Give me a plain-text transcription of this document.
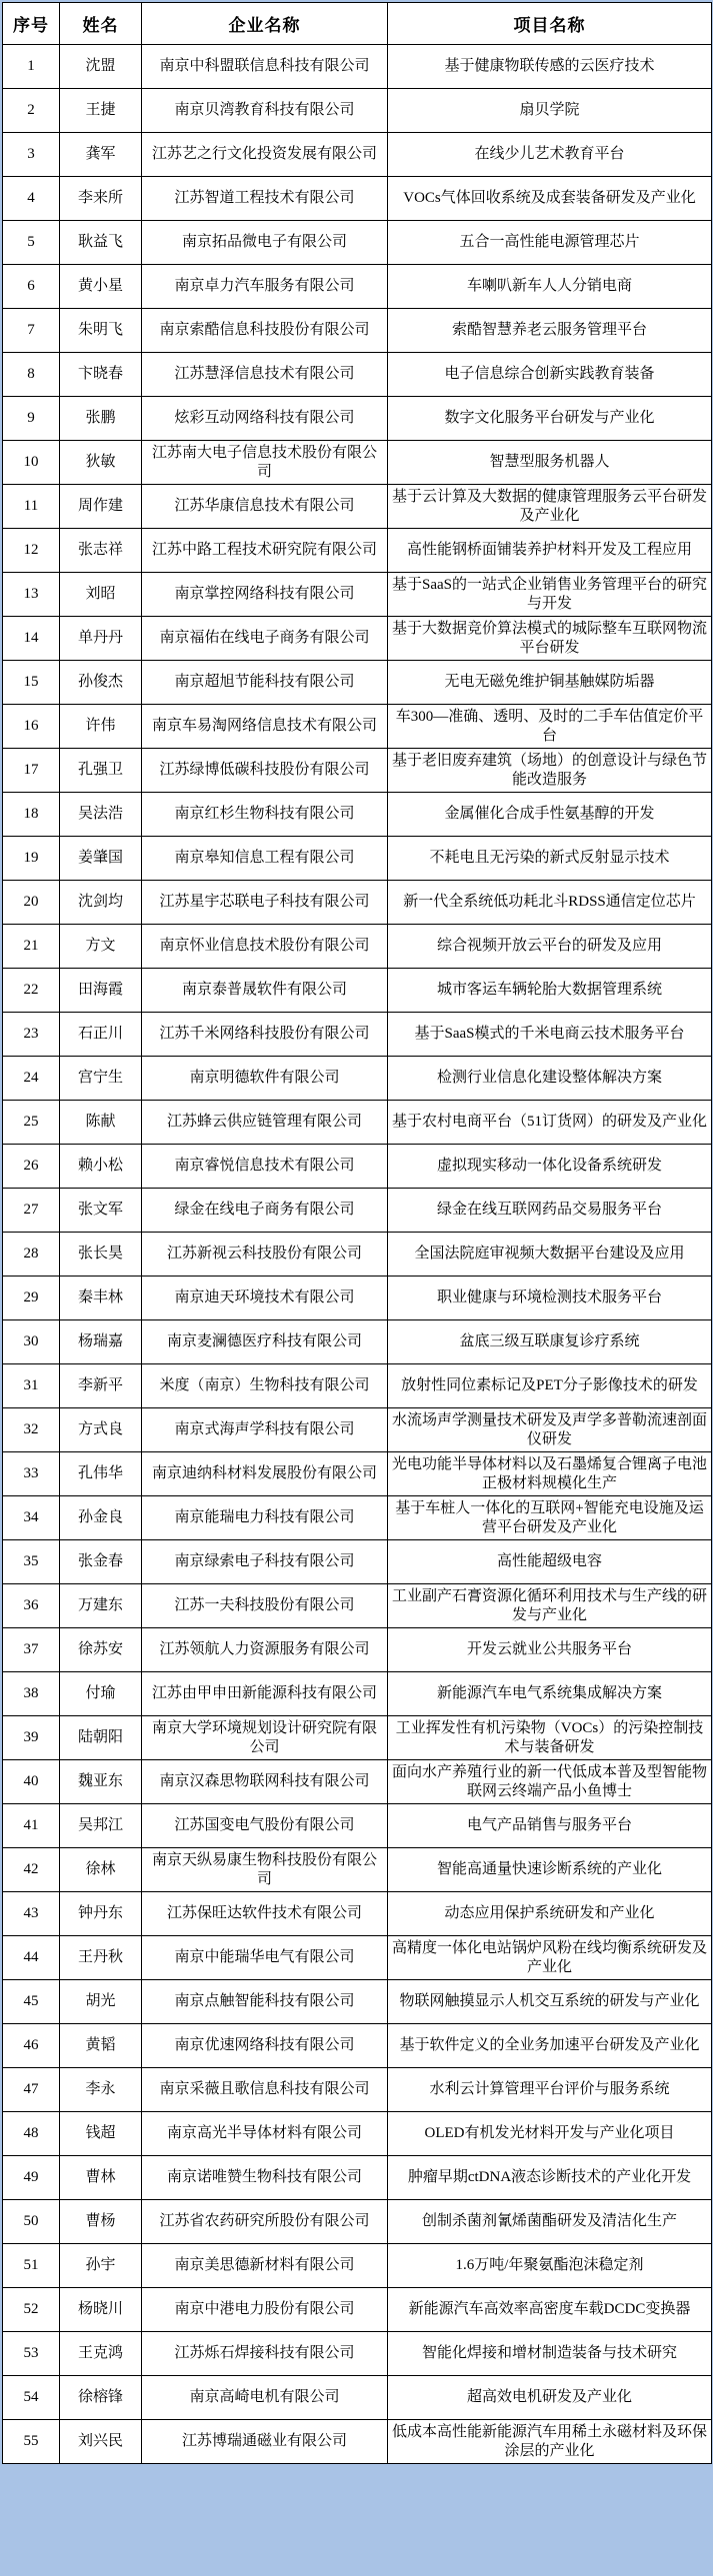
序号	姓名	企业名称	项目名称
1	沈盟	南京中科盟联信息科技有限公司	基于健康物联传感的云医疗技术
2	王捷	南京贝湾教育科技有限公司	扇贝学院
3	龚军	江苏艺之行文化投资发展有限公司	在线少儿艺术教育平台
4	李来所	江苏智道工程技术有限公司	VOCs气体回收系统及成套装备研发及产业化
5	耿益飞	南京拓品微电子有限公司	五合一高性能电源管理芯片
6	黄小星	南京卓力汽车服务有限公司	车喇叭新车人人分销电商
7	朱明飞	南京索酷信息科技股份有限公司	索酷智慧养老云服务管理平台
8	卞晓春	江苏慧泽信息技术有限公司	电子信息综合创新实践教育装备
9	张鹏	炫彩互动网络科技有限公司	数字文化服务平台研发与产业化
10	狄敏	江苏南大电子信息技术股份有限公司	智慧型服务机器人
11	周作建	江苏华康信息技术有限公司	基于云计算及大数据的健康管理服务云平台研发及产业化
12	张志祥	江苏中路工程技术研究院有限公司	高性能钢桥面铺装养护材料开发及工程应用
13	刘昭	南京掌控网络科技有限公司	基于SaaS的一站式企业销售业务管理平台的研究与开发
14	单丹丹	南京福佑在线电子商务有限公司	基于大数据竞价算法模式的城际整车互联网物流平台研发
15	孙俊杰	南京超旭节能科技有限公司	无电无磁免维护铜基触媒防垢器
16	许伟	南京车易淘网络信息技术有限公司	车300—准确、透明、及时的二手车估值定价平台
17	孔强卫	江苏绿博低碳科技股份有限公司	基于老旧废弃建筑（场地）的创意设计与绿色节能改造服务
18	吴法浩	南京红杉生物科技有限公司	金属催化合成手性氨基醇的开发
19	姜肇国	南京皋知信息工程有限公司	不耗电且无污染的新式反射显示技术
20	沈剑均	江苏星宇芯联电子科技有限公司	新一代全系统低功耗北斗RDSS通信定位芯片
21	方文	南京怀业信息技术股份有限公司	综合视频开放云平台的研发及应用
22	田海霞	南京泰普晟软件有限公司	城市客运车辆轮胎大数据管理系统
23	石正川	江苏千米网络科技股份有限公司	基于SaaS模式的千米电商云技术服务平台
24	宫宁生	南京明德软件有限公司	检测行业信息化建设整体解决方案
25	陈献	江苏蜂云供应链管理有限公司	基于农村电商平台（51订货网）的研发及产业化
26	赖小松	南京睿悦信息技术有限公司	虚拟现实移动一体化设备系统研发
27	张文军	绿金在线电子商务有限公司	绿金在线互联网药品交易服务平台
28	张长昊	江苏新视云科技股份有限公司	全国法院庭审视频大数据平台建设及应用
29	秦丰林	南京迪天环境技术有限公司	职业健康与环境检测技术服务平台
30	杨瑞嘉	南京麦澜德医疗科技有限公司	盆底三级互联康复诊疗系统
31	李新平	米度（南京）生物科技有限公司	放射性同位素标记及PET分子影像技术的研发
32	方式良	南京式海声学科技有限公司	水流场声学测量技术研发及声学多普勒流速剖面仪研发
33	孔伟华	南京迪纳科材料发展股份有限公司	光电功能半导体材料以及石墨烯复合锂离子电池正极材料规模化生产
34	孙金良	南京能瑞电力科技有限公司	基于车桩人一体化的互联网+智能充电设施及运营平台研发及产业化
35	张金春	南京绿索电子科技有限公司	高性能超级电容
36	万建东	江苏一夫科技股份有限公司	工业副产石膏资源化循环利用技术与生产线的研发与产业化
37	徐苏安	江苏领航人力资源服务有限公司	开发云就业公共服务平台
38	付瑜	江苏由甲申田新能源科技有限公司	新能源汽车电气系统集成解决方案
39	陆朝阳	南京大学环境规划设计研究院有限公司	工业挥发性有机污染物（VOCs）的污染控制技术与装备研发
40	魏亚东	南京汉森思物联网科技有限公司	面向水产养殖行业的新一代低成本普及型智能物联网云终端产品小鱼博士
41	吴邦江	江苏国变电气股份有限公司	电气产品销售与服务平台
42	徐林	南京天纵易康生物科技股份有限公司	智能高通量快速诊断系统的产业化
43	钟丹东	江苏保旺达软件技术有限公司	动态应用保护系统研发和产业化
44	王丹秋	南京中能瑞华电气有限公司	高精度一体化电站锅炉风粉在线均衡系统研发及产业化
45	胡光	南京点触智能科技有限公司	物联网触摸显示人机交互系统的研发与产业化
46	黄韬	南京优速网络科技有限公司	基于软件定义的全业务加速平台研发及产业化
47	李永	南京采薇且歌信息科技有限公司	水利云计算管理平台评价与服务系统
48	钱超	南京高光半导体材料有限公司	OLED有机发光材料开发与产业化项目
49	曹林	南京诺唯赞生物科技有限公司	肿瘤早期ctDNA液态诊断技术的产业化开发
50	曹杨	江苏省农药研究所股份有限公司	创制杀菌剂氰烯菌酯研发及清洁化生产
51	孙宇	南京美思德新材料有限公司	1.6万吨/年聚氨酯泡沫稳定剂
52	杨晓川	南京中港电力股份有限公司	新能源汽车高效率高密度车载DCDC变换器
53	王克鸿	江苏烁石焊接科技有限公司	智能化焊接和增材制造装备与技术研究
54	徐榕锋	南京高崎电机有限公司	超高效电机研发及产业化
55	刘兴民	江苏博瑞通磁业有限公司	低成本高性能新能源汽车用稀土永磁材料及环保涂层的产业化
